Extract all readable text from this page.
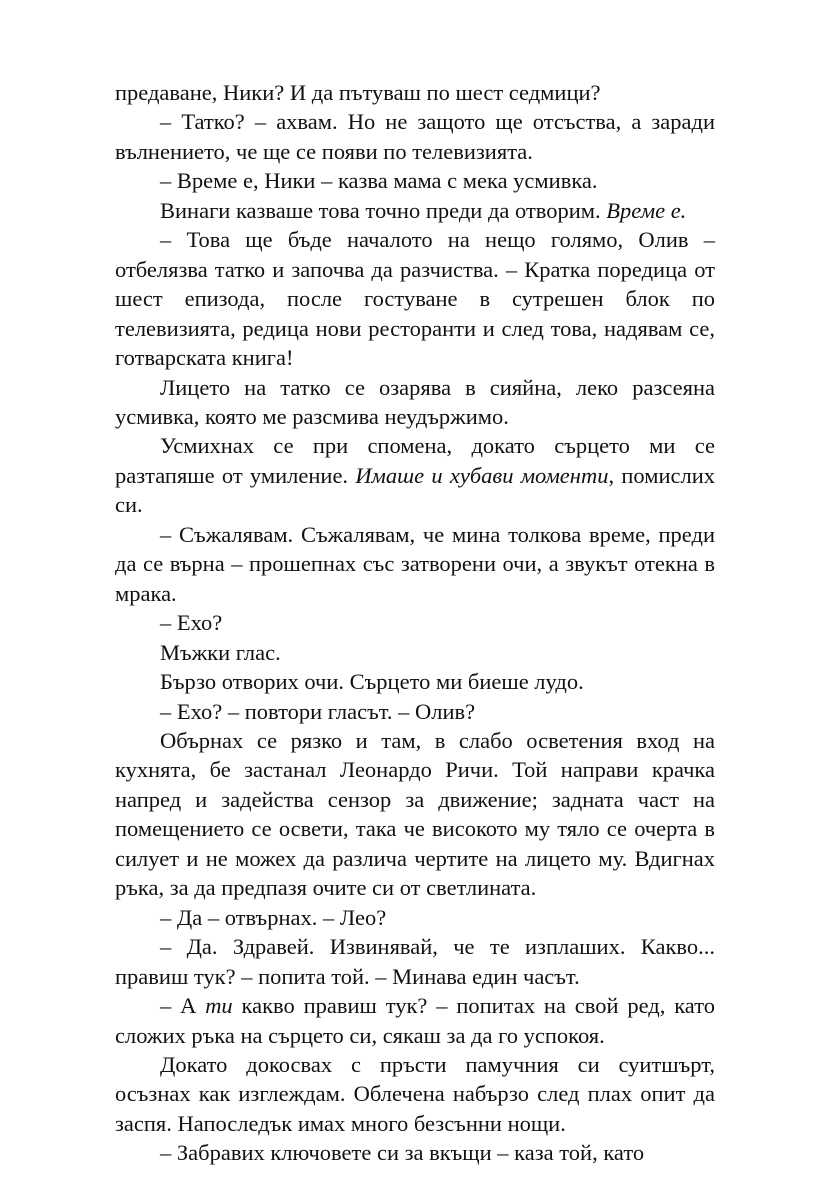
предаване, Ники? И да пътуваш по шест седмици?

– Татко? – ахвам. Но не защото ще отсъства, а заради вълнението, че ще се появи по телевизията.

– Време е, Ники – казва мама с мека усмивка.

Винаги казваше това точно преди да отворим. Време е.

– Това ще бъде началото на нещо голямо, Олив – отбелязва татко и започва да разчиства. – Кратка поредица от шест епизода, после гостуване в сутрешен блок по телевизията, редица нови ресторанти и след това, надявам се, готварската книга!

Лицето на татко се озарява в сияйна, леко разсеяна усмивка, която ме разсмива неудържимо.

Усмихнах се при спомена, докато сърцето ми се разтапяше от умиление. Имаше и хубави моменти, помислих си.

– Съжалявам. Съжалявам, че мина толкова време, преди да се върна – прошепнах със затворени очи, а звукът отекна в мрака.

– Ехо?

Мъжки глас.

Бързо отворих очи. Сърцето ми биеше лудо.

– Ехо? – повтори гласът. – Олив?

Обърнах се рязко и там, в слабо осветения вход на кухнята, бе застанал Леонардо Ричи. Той направи крачка напред и задейства сензор за движение; задната част на помещението се освети, така че високото му тяло се очерта в силует и не можех да различа чертите на лицето му. Вдигнах ръка, за да предпазя очите си от светлината.

– Да – отвърнах. – Лео?

– Да. Здравей. Извинявай, че те изплаших. Какво... правиш тук? – попита той. – Минава един часът.

– А ти какво правиш тук? – попитах на свой ред, като сложих ръка на сърцето си, сякаш за да го успокоя.

Докато докосвах с пръсти памучния си суитшърт, осъзнах как изглеждам. Облечена набързо след плах опит да заспя. Напоследък имах много безсънни нощи.

– Забравих ключовете си за вкъщи – каза той, като
